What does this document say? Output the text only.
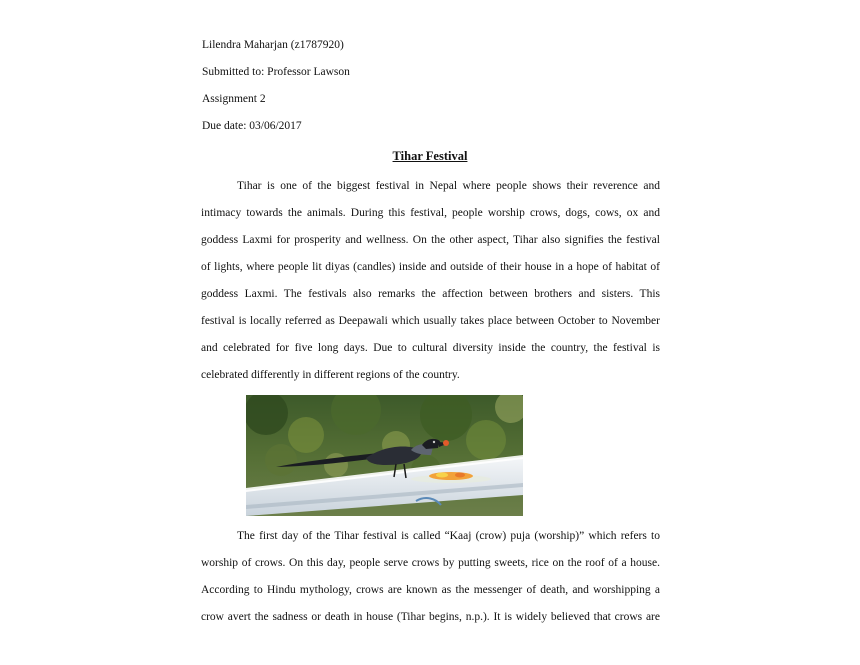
Lilendra Maharjan (z1787920)
Submitted to: Professor Lawson
Assignment 2
Due date: 03/06/2017
Tihar Festival
Tihar is one of the biggest festival in Nepal where people shows their reverence and
intimacy towards the animals. During this festival, people worship crows, dogs, cows, ox and
goddess Laxmi for prosperity and wellness. On the other aspect, Tihar also signifies the festival
of lights, where people lit diyas (candles) inside and outside of their house in a hope of habitat of
goddess Laxmi. The festivals also remarks the affection between brothers and sisters. This
festival is locally referred as Deepawali which usually takes place between October to November
and celebrated for five long days. Due to cultural diversity inside the country, the festival is
celebrated differently in different regions of the country.
The first day of the Tihar festival is called “Kaaj (crow) puja (worship)” which refers to
worship of crows. On this day, people serve crows by putting sweets, rice on the roof of a house.
According to Hindu mythology, crows are known as the messenger of death, and worshipping a
crow avert the sadness or death in house (Tihar begins, n.p.). It is widely believed that crows are
